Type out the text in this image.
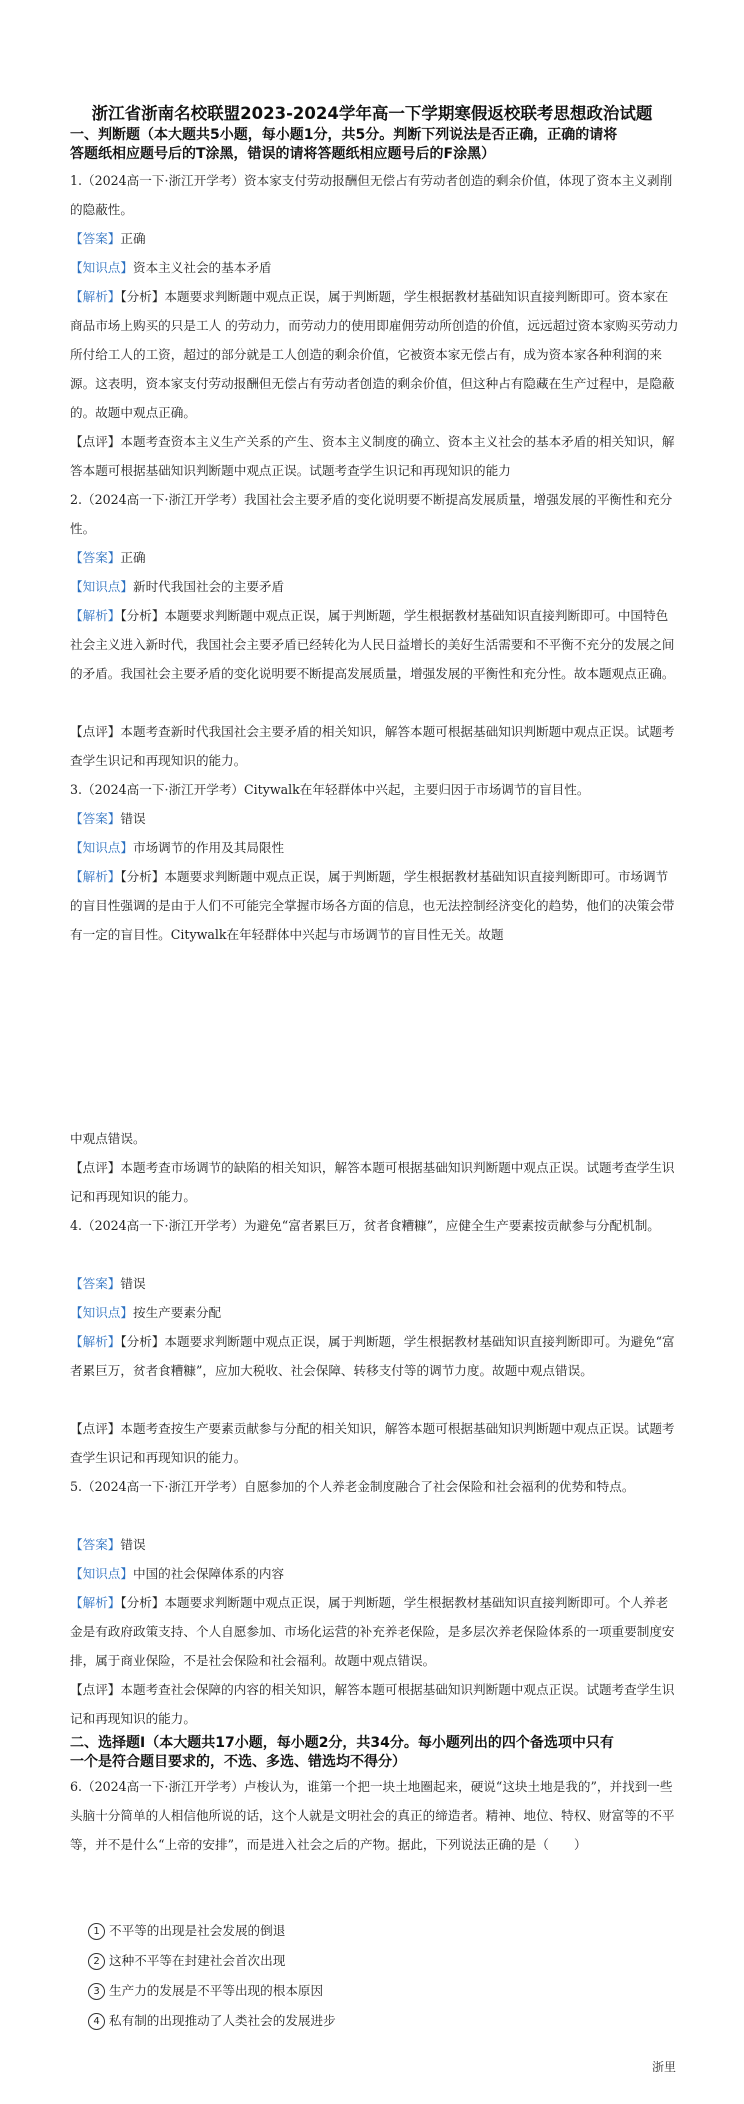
浙江省浙南名校联盟2023-2024学年高一下学期寒假返校联考思想政治试题
一、判断题（本大题共5小题，每小题1分，共5分。判断下列说法是否正确，正确的请将
答题纸相应题号后的T涂黑，错误的请将答题纸相应题号后的F涂黑）

1.（2024高一下·浙江开学考）资本家支付劳动报酬但无偿占有劳动者创造的剩余价值，体现了资本主义剥削的隐蔽性。

【答案】正确

【知识点】资本主义社会的基本矛盾

【解析】【分析】本题要求判断题中观点正误，属于判断题，学生根据教材基础知识直接判断即可。资本家在商品市场上购买的只是工人 的劳动力，而劳动力的使用即雇佣劳动所创造的价值，远远超过资本家购买劳动力所付给工人的工资，超过的部分就是工人创造的剩余价值，它被资本家无偿占有，成为资本家各种利润的来源。这表明，资本家支付劳动报酬但无偿占有劳动者创造的剩余价值，但这种占有隐藏在生产过程中，是隐蔽的。故题中观点正确。

【点评】本题考查资本主义生产关系的产生、资本主义制度的确立、资本主义社会的基本矛盾的相关知识，解答本题可根据基础知识判断题中观点正误。试题考查学生识记和再现知识的能力

2.（2024高一下·浙江开学考）我国社会主要矛盾的变化说明要不断提高发展质量，增强发展的平衡性和充分性。

【答案】正确

【知识点】新时代我国社会的主要矛盾

【解析】【分析】本题要求判断题中观点正误，属于判断题，学生根据教材基础知识直接判断即可。中国特色社会主义进入新时代，我国社会主要矛盾已经转化为人民日益增长的美好生活需要和不平衡不充分的发展之间的矛盾。我国社会主要矛盾的变化说明要不断提高发展质量，增强发展的平衡性和充分性。故本题观点正确。

【点评】本题考查新时代我国社会主要矛盾的相关知识，解答本题可根据基础知识判断题中观点正误。试题考查学生识记和再现知识的能力。

3.（2024高一下·浙江开学考）Citywalk在年轻群体中兴起，主要归因于市场调节的盲目性。

【答案】错误

【知识点】市场调节的作用及其局限性

【解析】【分析】本题要求判断题中观点正误，属于判断题，学生根据教材基础知识直接判断即可。市场调节的盲目性强调的是由于人们不可能完全掌握市场各方面的信息，也无法控制经济变化的趋势，他们的决策会带有一定的盲目性。Citywalk在年轻群体中兴起与市场调节的盲目性无关。故题

中观点错误。

【点评】本题考查市场调节的缺陷的相关知识，解答本题可根据基础知识判断题中观点正误。试题考查学生识记和再现知识的能力。

4.（2024高一下·浙江开学考）为避免“富者累巨万，贫者食糟糠”，应健全生产要素按贡献参与分配机制。

【答案】错误

【知识点】按生产要素分配

【解析】【分析】本题要求判断题中观点正误，属于判断题，学生根据教材基础知识直接判断即可。为避免“富者累巨万，贫者食糟糠”，应加大税收、社会保障、转移支付等的调节力度。故题中观点错误。

【点评】本题考查按生产要素贡献参与分配的相关知识，解答本题可根据基础知识判断题中观点正误。试题考查学生识记和再现知识的能力。

5.（2024高一下·浙江开学考）自愿参加的个人养老金制度融合了社会保险和社会福利的优势和特点。

【答案】错误

【知识点】中国的社会保障体系的内容

【解析】【分析】本题要求判断题中观点正误，属于判断题，学生根据教材基础知识直接判断即可。个人养老金是有政府政策支持、个人自愿参加、市场化运营的补充养老保险，是多层次养老保险体系的一项重要制度安排，属于商业保险，不是社会保险和社会福利。故题中观点错误。

【点评】本题考查社会保障的内容的相关知识，解答本题可根据基础知识判断题中观点正误。试题考查学生识记和再现知识的能力。

二、选择题Ⅰ（本大题共17小题，每小题2分，共34分。每小题列出的四个备选项中只有
一个是符合题目要求的，不选、多选、错选均不得分）

6.（2024高一下·浙江开学考）卢梭认为，谁第一个把一块土地圈起来，硬说“这块土地是我的”，并找到一些头脑十分简单的人相信他所说的话，这个人就是文明社会的真正的缔造者。精神、地位、特权、财富等的不平等，并不是什么“上帝的安排”，而是进入社会之后的产物。据此，下列说法正确的是（　　）

1 不平等的出现是社会发展的倒退
2 这种不平等在封建社会首次出现
3 生产力的发展是不平等出现的根本原因
4 私有制的出现推动了人类社会的发展进步
浙里
